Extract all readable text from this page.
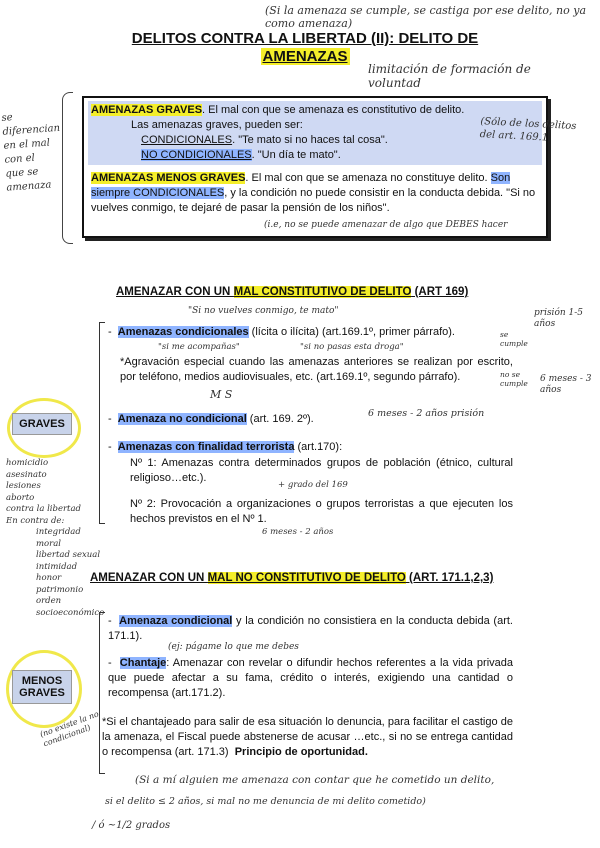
(Si la amenaza se cumple, se castiga por ese delito, no ya como amenaza)
DELITOS CONTRA LA LIBERTAD (II): DELITO DE
AMENAZAS
limitación de formación de voluntad
se diferencian en el mal con el que se amenaza

AMENAZAS GRAVES. El mal con que se amenaza es constitutivo de delito.

Las amenazas graves, pueden ser:

CONDICIONALES. "Te mato si no haces tal cosa".

NO CONDICIONALES. "Un día te mato".

AMENAZAS MENOS GRAVES. El mal con que se amenaza no constituye delito. Son siempre CONDICIONALES, y la condición no puede consistir en la conducta debida. "Si no vuelves conmigo, te dejaré de pasar la pensión de los niños".

(i.e, no se puede amenazar de algo que DEBES hacer
(Sólo de los delitos del art. 169.1
AMENAZAR CON UN MAL CONSTITUTIVO DE DELITO (ART 169)
"Si no vuelves conmigo, te mato"
GRAVES
homicidio
asesinato
lesiones
aborto
contra la libertad
En contra de:
integridad moral
libertad sexual
intimidad
honor
patrimonio
orden socioeconómico
-  Amenazas condicionales (lícita o ilícita) (art.169.1º, primer párrafo).
"si me acompañas"	"si no pasas esta droga"
*Agravación especial cuando las amenazas anteriores se realizan por escrito, por teléfono, medios audiovisuales, etc. (art.169.1º, segundo párrafo).
M S
prisión 1-5 años
se cumple
no se cumple	6 meses - 3 años
-  Amenaza no condicional (art. 169. 2º).	6 meses - 2 años prisión
-  Amenazas con finalidad terrorista (art.170):
Nº 1: Amenazas contra determinados grupos de población (étnico, cultural religioso…etc.).
+ grado del 169
Nº 2: Provocación a organizaciones o grupos terroristas a que ejecuten los hechos previstos en el Nº 1.
6 meses - 2 años
AMENAZAR CON UN MAL NO CONSTITUTIVO DE DELITO (ART. 171.1,2,3)
MENOS GRAVES
(no existe la no condicional)
-  Amenaza condicional y la condición no consistiera en la conducta debida (art. 171.1).
(ej: págame lo que me debes
-  Chantaje: Amenazar con revelar o difundir hechos referentes a la vida privada que puede afectar a su fama, crédito o interés, exigiendo una cantidad o recompensa (art.171.2).
*Si el chantajeado para salir de esa situación lo denuncia, para facilitar el castigo de la amenaza, el Fiscal puede abstenerse de acusar …etc., si no se entrega cantidad o recompensa (art. 171.3) Principio de oportunidad.
(Si a mí alguien me amenaza con contar que he cometido un delito,
si el delito ≤ 2 años, si mal no me denuncia de mi delito cometido)
/ ó ~1/2 grados
